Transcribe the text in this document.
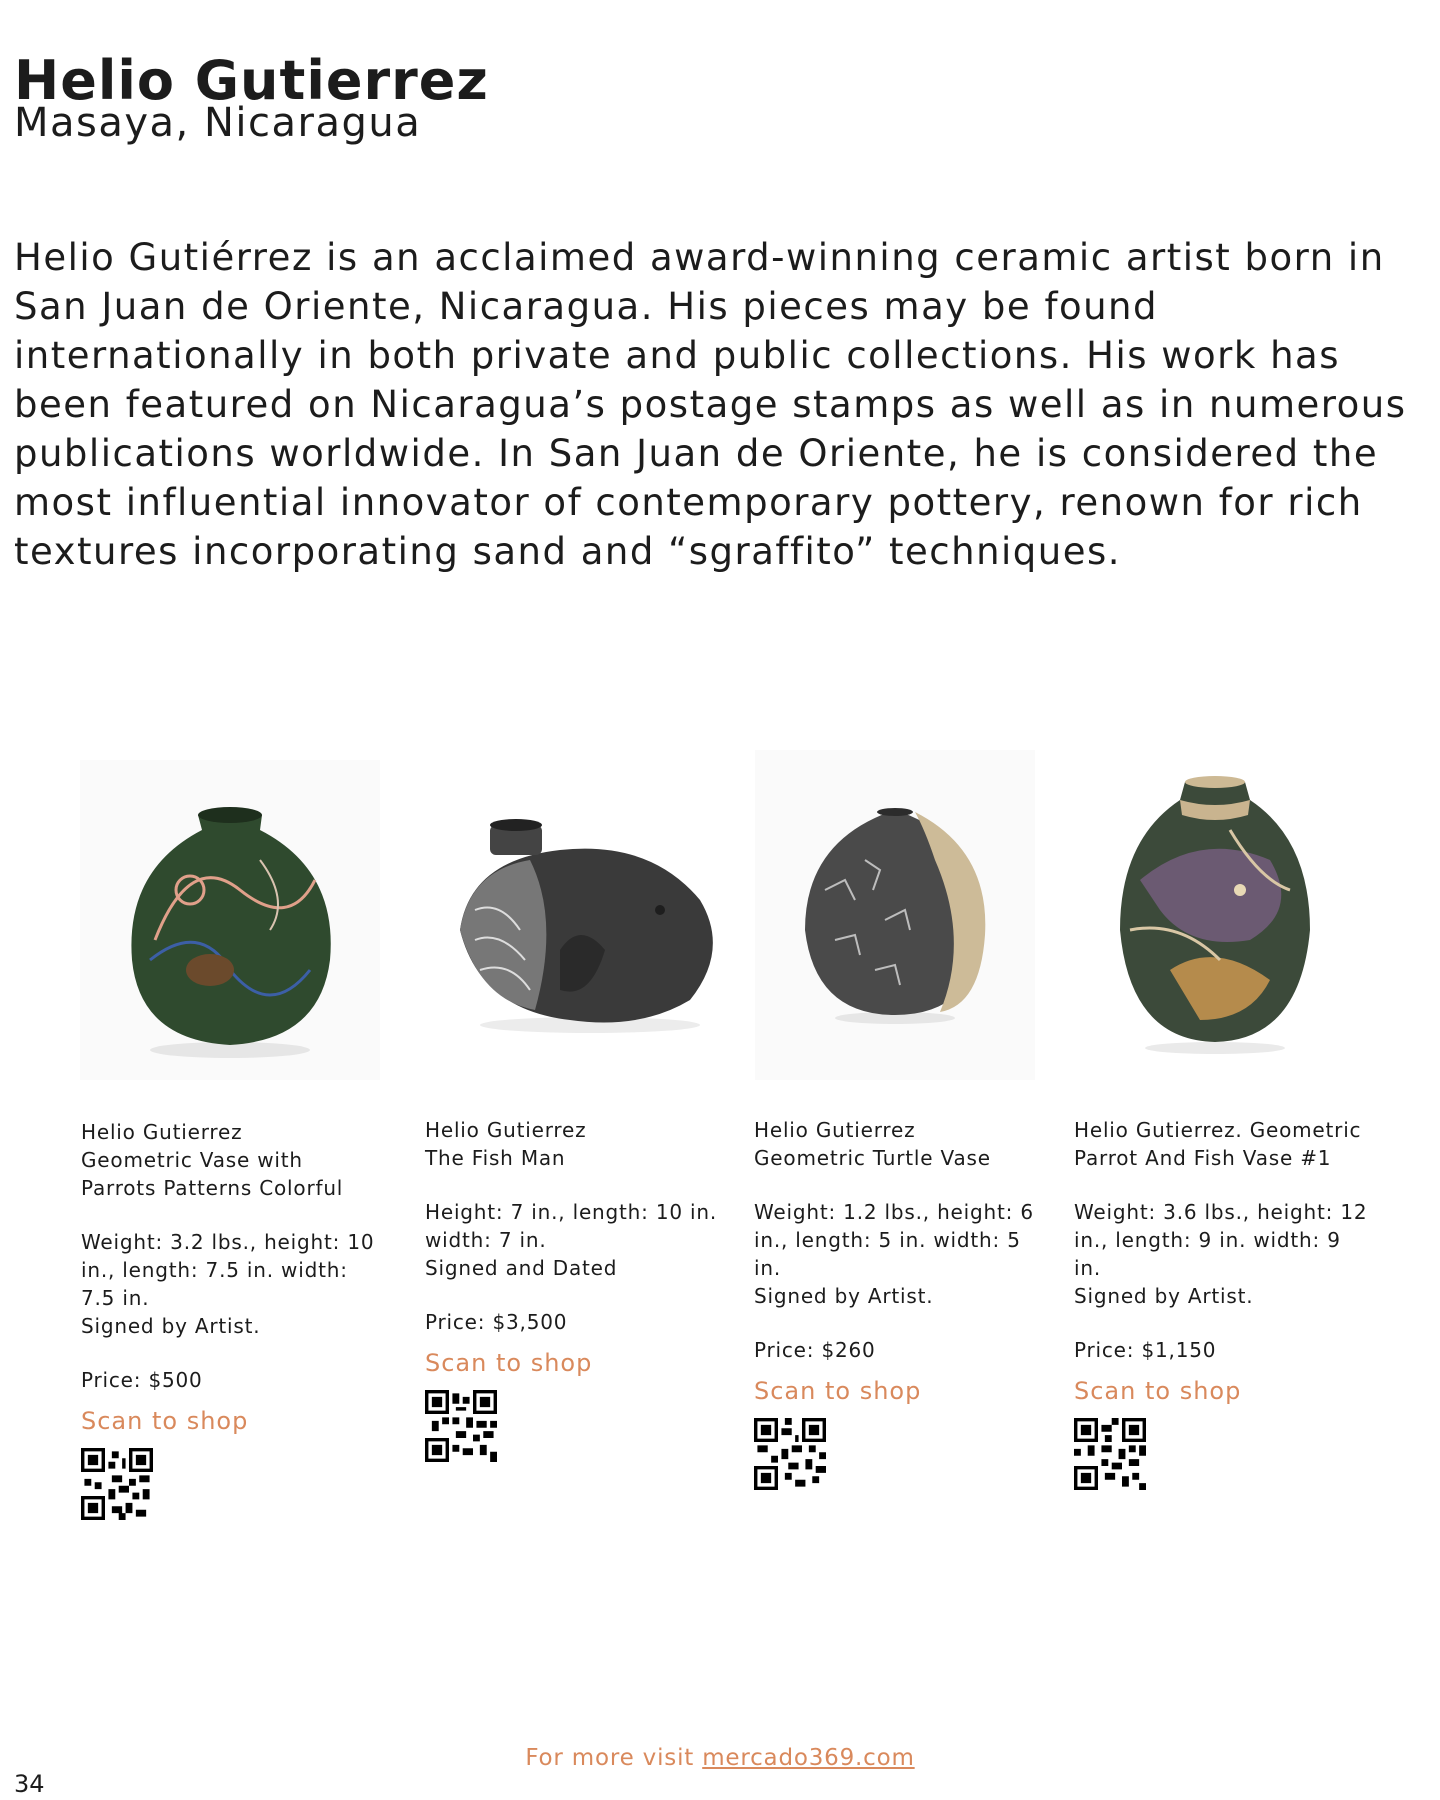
Helio Gutierrez
Masaya, Nicaragua

Helio Gutiérrez is an acclaimed award-winning ceramic artist born in San Juan de Oriente, Nicaragua. His pieces may be found internationally in both private and public collections. His work has been featured on Nicaragua’s postage stamps as well as in numerous publications worldwide. In San Juan de Oriente, he is considered the most influential innovator of contemporary pottery, renown for rich textures incorporating sand and “sgraffito” techniques.

Helio Gutierrez

Geometric Vase with Parrots Patterns Colorful

Weight: 3.2 lbs., height: 10 in., length: 7.5 in. width: 7.5 in.

Signed by Artist.

Price: $500

Scan to shop

Helio Gutierrez

The Fish Man

Height: 7 in., length: 10 in. width: 7 in.

Signed and Dated

Price: $3,500

Scan to shop

Helio Gutierrez

Geometric Turtle Vase

Weight: 1.2 lbs., height: 6 in., length: 5 in. width: 5 in.

Signed by Artist.

Price: $260

Scan to shop

Helio Gutierrez. Geometric

Parrot And Fish Vase #1

Weight: 3.6 lbs., height: 12 in., length: 9 in. width: 9 in.

Signed by Artist.

Price: $1,150

Scan to shop
For more visit mercado369.com
34
